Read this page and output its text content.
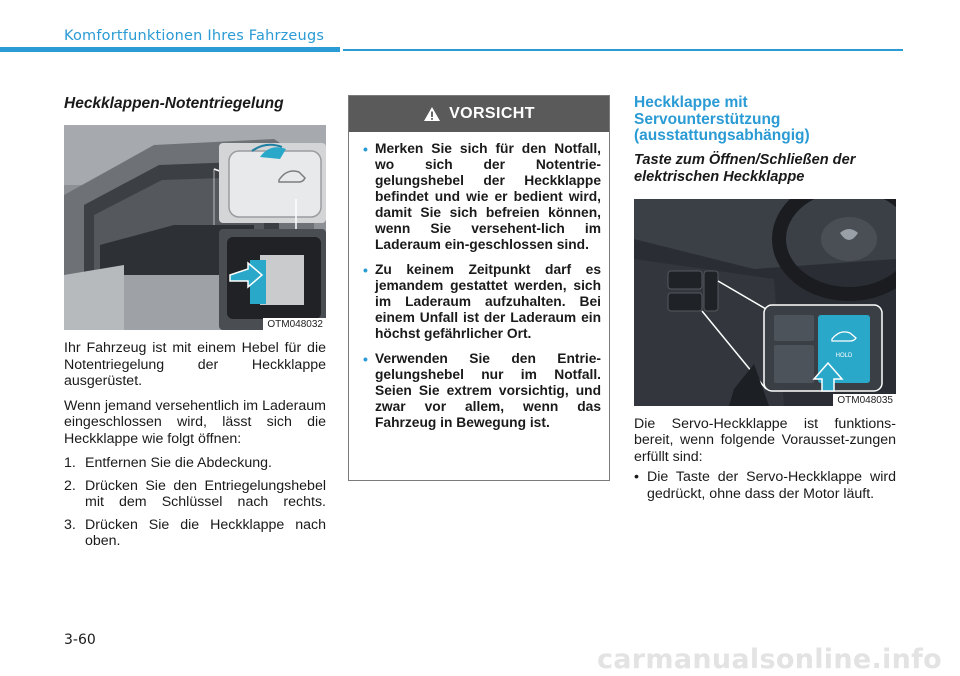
Komfortfunktionen Ihres Fahrzeugs
Heckklappen-Notentriegelung
OTM048032

Ihr Fahrzeug ist mit einem Hebel für die Notentriegelung der Heckklappe ausgerüstet.

Wenn jemand versehentlich im Laderaum eingeschlossen wird, lässt sich die Heckklappe wie folgt öffnen:

1. Entfernen Sie die Abdeckung.
2. Drücken Sie den Entriegelungshebel mit dem Schlüssel nach rechts.
3. Drücken Sie die Heckklappe nach oben.
VORSICHT
• Merken Sie sich für den Notfall, wo sich der Notentrie-gelungshebel der Heckklappe befindet und wie er bedient wird, damit Sie sich befreien können, wenn Sie versehent-lich im Laderaum ein-geschlossen sind.
• Zu keinem Zeitpunkt darf es jemandem gestattet werden, sich im Laderaum aufzuhalten. Bei einem Unfall ist der Laderaum ein höchst gefährlicher Ort.
• Verwenden Sie den Entrie-gelungshebel nur im Notfall. Seien Sie extrem vorsichtig, und zwar vor allem, wenn das Fahrzeug in Bewegung ist.
Heckklappe mit Servounterstützung (ausstattungsabhängig)
Taste zum Öffnen/Schließen der elektrischen Heckklappe
HOLD
OTM048035

Die Servo-Heckklappe ist funktions-bereit, wenn folgende Vorausset-zungen erfüllt sind:

• Die Taste der Servo-Heckklappe wird gedrückt, ohne dass der Motor läuft.
3-60
carmanualsonline.info
